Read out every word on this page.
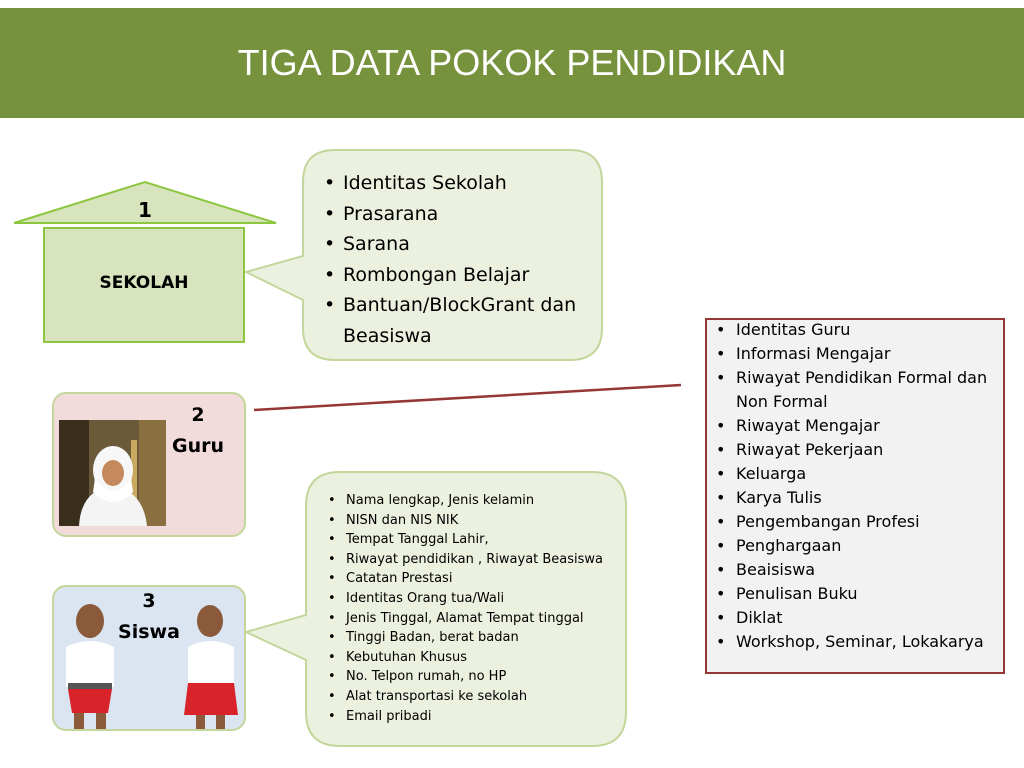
TIGA DATA POKOK PENDIDIKAN
1
SEKOLAH
• Identitas Sekolah
• Prasarana
• Sarana
• Rombongan Belajar
• Bantuan/BlockGrant dan Beasiswa
2
Guru
3
Siswa
• Nama lengkap, Jenis kelamin
• NISN dan NIS NIK
• Tempat Tanggal Lahir,
• Riwayat pendidikan , Riwayat Beasiswa
• Catatan Prestasi
• Identitas Orang tua/Wali
• Jenis Tinggal, Alamat Tempat tinggal
• Tinggi Badan, berat badan
• Kebutuhan Khusus
• No. Telpon rumah, no HP
• Alat transportasi ke sekolah
• Email pribadi
• Identitas Guru
• Informasi Mengajar
• Riwayat Pendidikan Formal dan Non Formal
• Riwayat Mengajar
• Riwayat Pekerjaan
• Keluarga
• Karya Tulis
• Pengembangan Profesi
• Penghargaan
• Beaisiswa
• Penulisan Buku
• Diklat
• Workshop, Seminar, Lokakarya
